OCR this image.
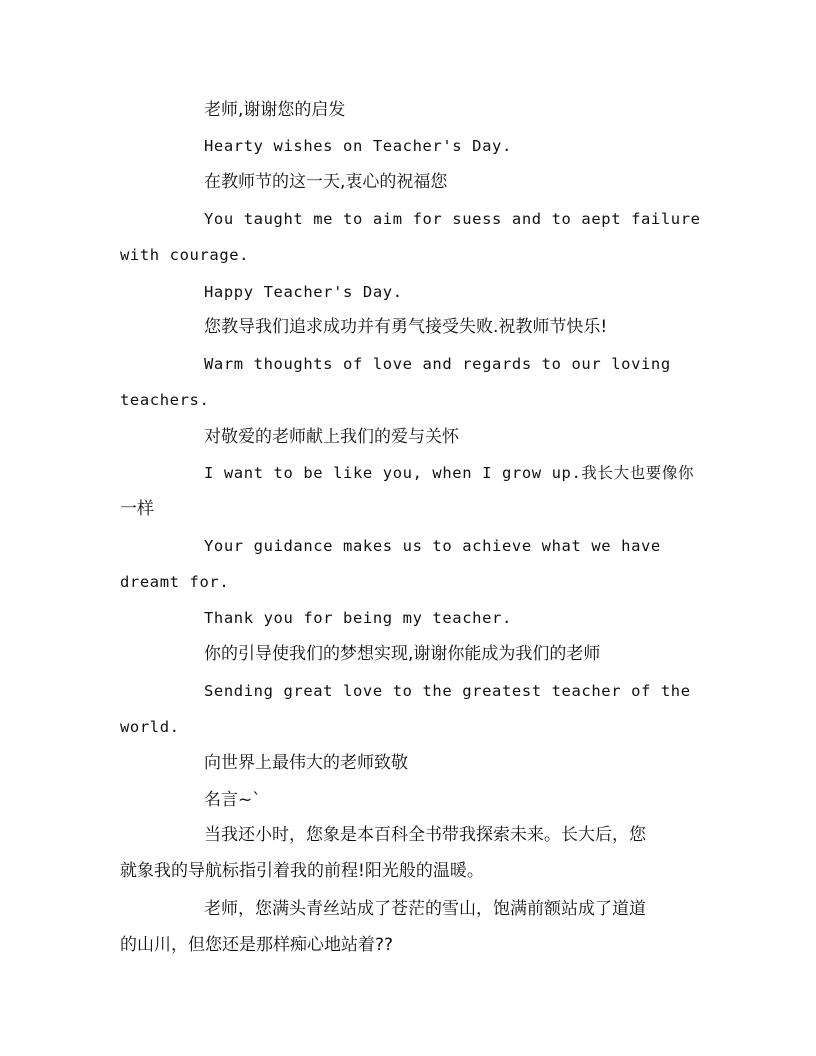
老师,谢谢您的启发
Hearty wishes on Teacher's Day.
在教师节的这一天,衷心的祝福您
You taught me to aim for suess and to aept failure
with courage.
Happy Teacher's Day.
您教导我们追求成功并有勇气接受失败.祝教师节快乐!
Warm thoughts of love and regards to our loving
teachers.
对敬爱的老师献上我们的爱与关怀
I want to be like you, when I grow up.我长大也要像你
一样
Your guidance makes us to achieve what we have
dreamt for.
Thank you for being my teacher.
你的引导使我们的梦想实现,谢谢你能成为我们的老师
Sending great love to the greatest teacher of the
world.
向世界上最伟大的老师致敬
名言~`
当我还小时，您象是本百科全书带我探索未来。长大后，您
就象我的导航标指引着我的前程!阳光般的温暖。
老师，您满头青丝站成了苍茫的雪山，饱满前额站成了道道
的山川，但您还是那样痴心地站着??
